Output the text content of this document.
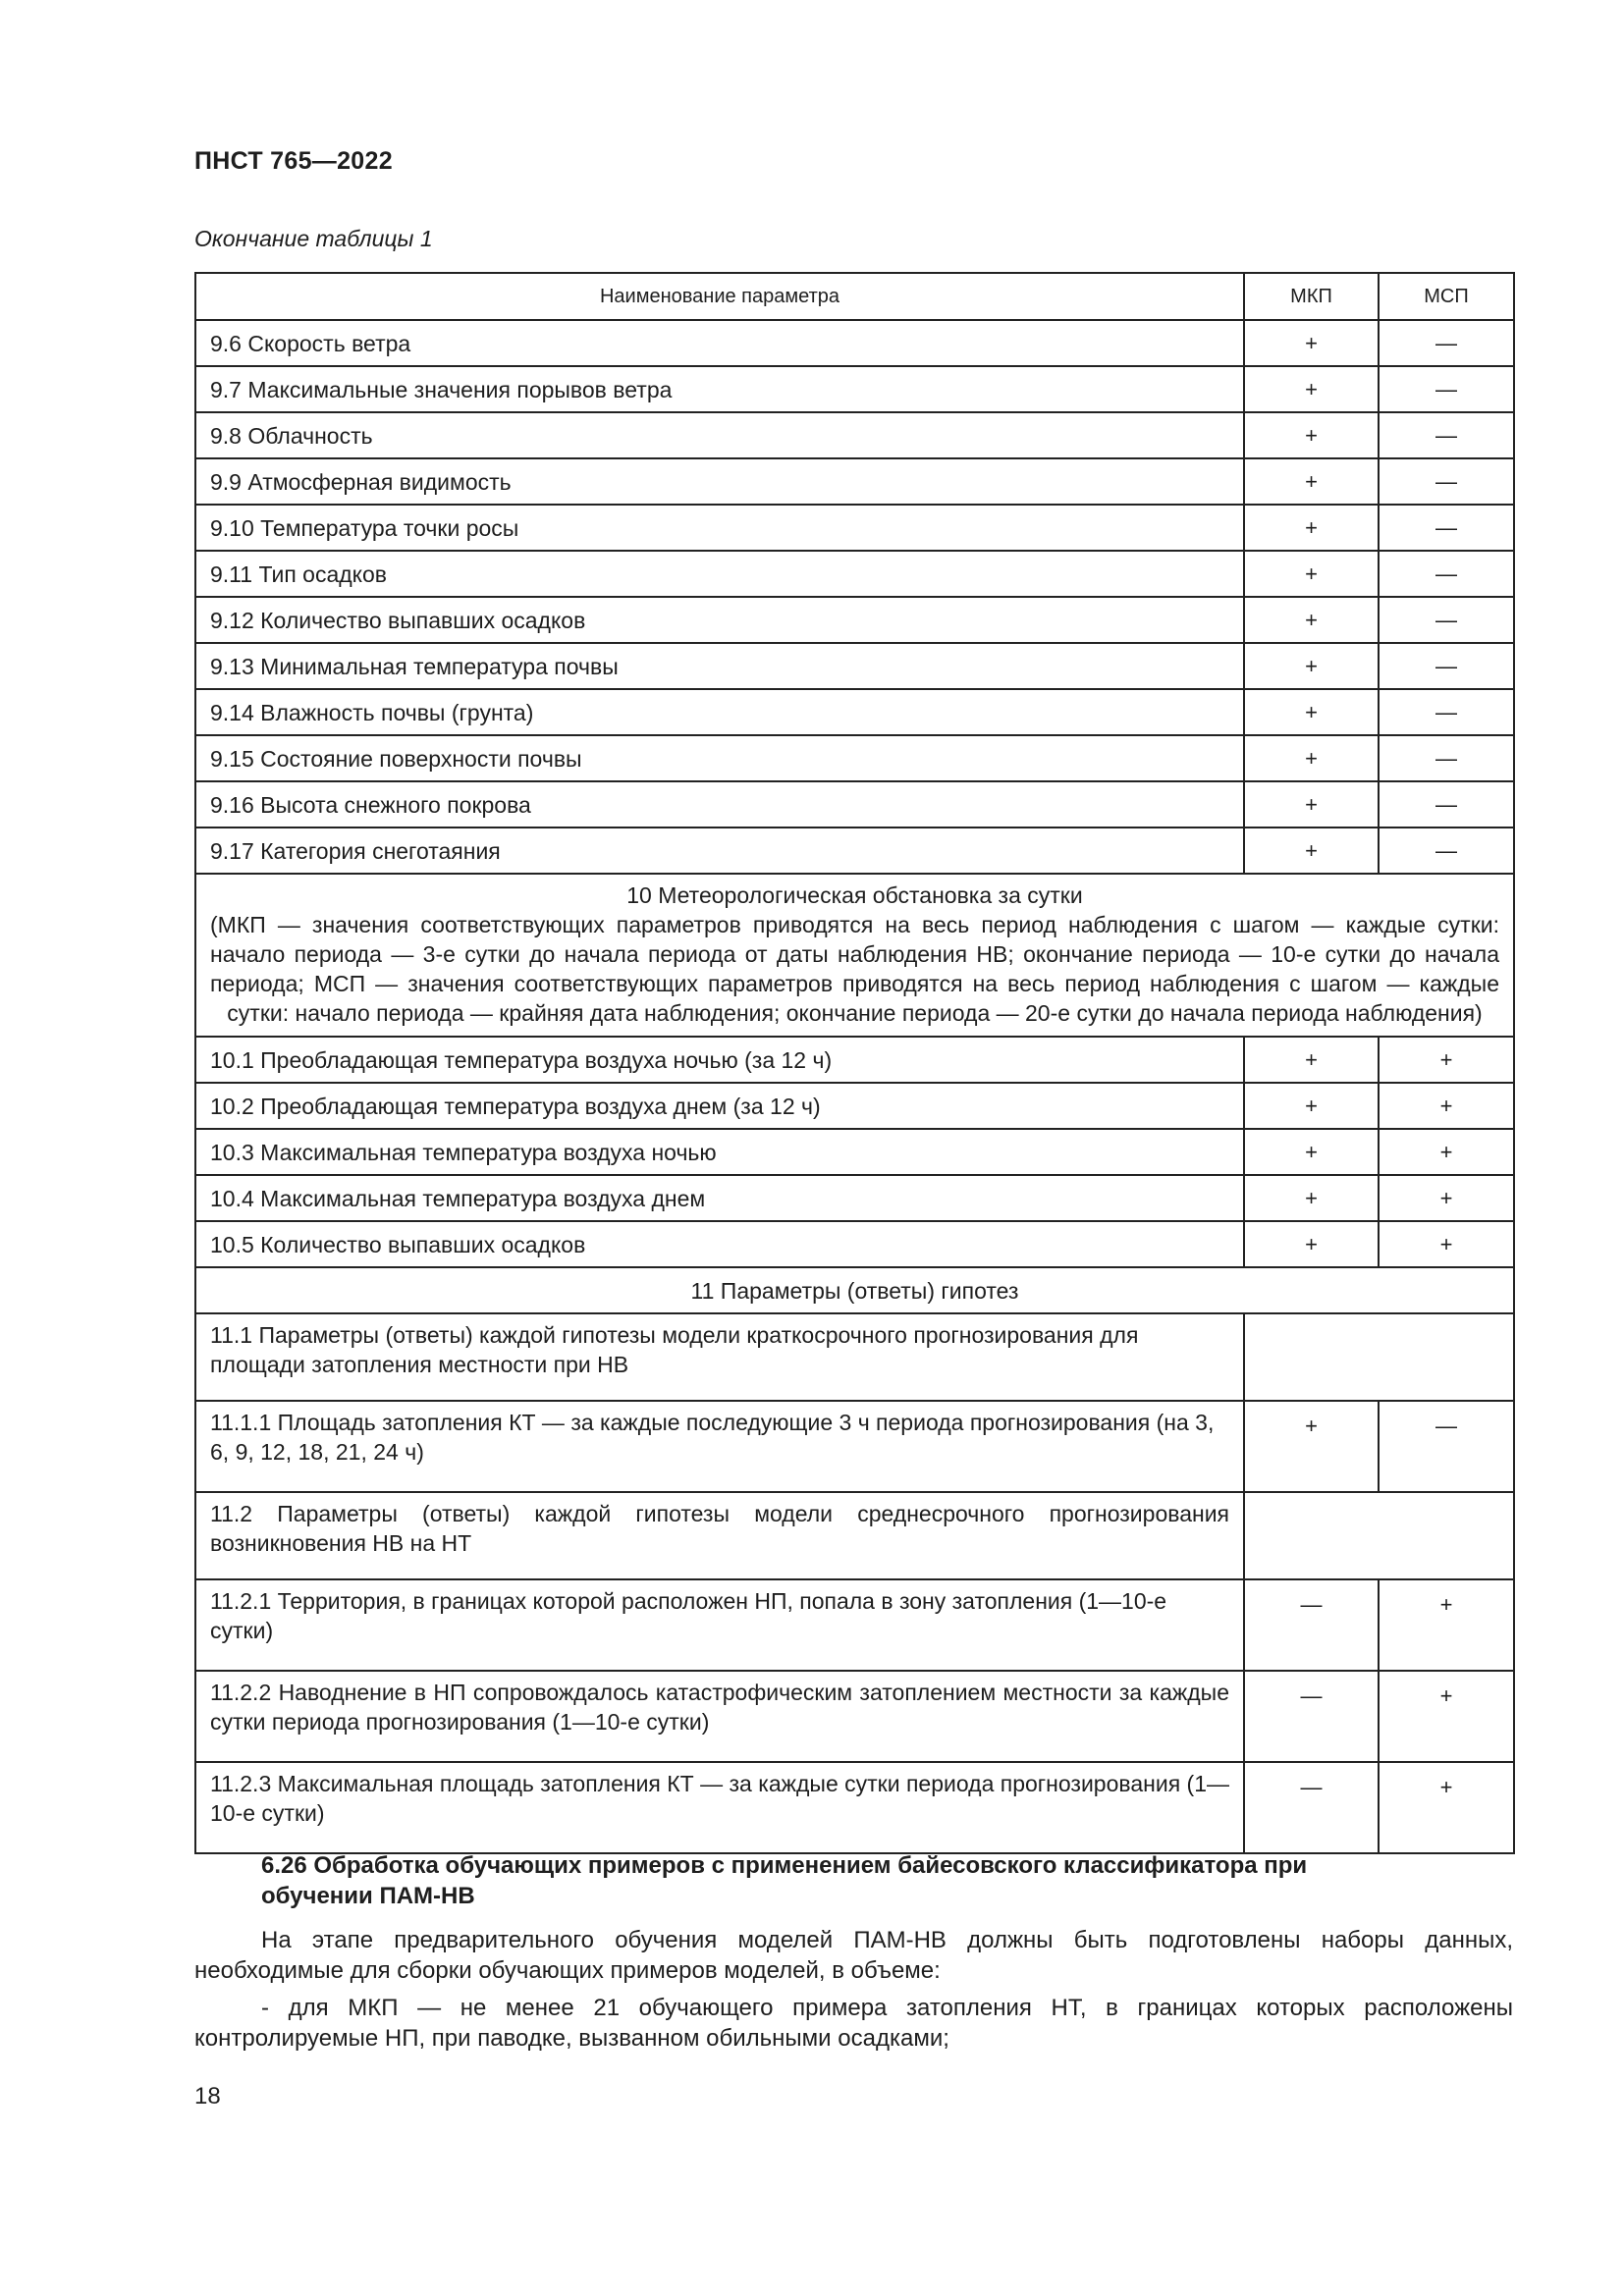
ПНСТ 765—2022
Окончание таблицы 1
Наименование параметра	МКП	МСП
9.6 Скорость ветра	+	—
9.7 Максимальные значения порывов ветра	+	—
9.8 Облачность	+	—
9.9 Атмосферная видимость	+	—
9.10 Температура точки росы	+	—
9.11 Тип осадков	+	—
9.12 Количество выпавших осадков	+	—
9.13 Минимальная температура почвы	+	—
9.14 Влажность почвы (грунта)	+	—
9.15 Состояние поверхности почвы	+	—
9.16 Высота снежного покрова	+	—
9.17 Категория снеготаяния	+	—

10 Метеорологическая обстановка за сутки
(МКП — значения соответствующих параметров приводятся на весь период наблюдения с шагом — каждые сутки: начало периода — 3-е сутки до начала периода от даты наблюдения НВ; окончание периода — 10-е сутки до начала периода; МСП — значения соответствующих параметров приводятся на весь период наблюдения с шагом — каждые сутки: начало периода — крайняя дата наблюдения; окончание периода — 20-е сутки до начала периода наблюдения)		

10.1 Преобладающая температура воздуха ночью (за 12 ч)	+	+
10.2 Преобладающая температура воздуха днем (за 12 ч)	+	+
10.3 Максимальная температура воздуха ночью	+	+
10.4 Максимальная температура воздуха днем	+	+
10.5 Количество выпавших осадков	+	+
11 Параметры (ответы) гипотез		
11.1 Параметры (ответы) каждой гипотезы модели краткосрочного прогнозирования для площади затопления местности при НВ		
11.1.1 Площадь затопления КТ — за каждые последующие 3 ч периода прогнозирования (на 3, 6, 9, 12, 18, 21, 24 ч)	+	—
11.2 Параметры (ответы) каждой гипотезы модели среднесрочного прогнозирования возникновения НВ на НТ		
11.2.1 Территория, в границах которой расположен НП, попала в зону затопления (1—10-е сутки)	—	+
11.2.2 Наводнение в НП сопровождалось катастрофическим затоплением местности за каждые сутки периода прогнозирования (1—10-е сутки)	—	+
11.2.3 Максимальная площадь затопления КТ — за каждые сутки периода прогнозирования (1—10-е сутки)	—	+
6.26 Обработка обучающих примеров с применением байесовского классификатора при обучении ПАМ-НВ
На этапе предварительного обучения моделей ПАМ-НВ должны быть подготовлены наборы данных, необходимые для сборки обучающих примеров моделей, в объеме:
- для МКП — не менее 21 обучающего примера затопления НТ, в границах которых расположены контролируемые НП, при паводке, вызванном обильными осадками;
18
